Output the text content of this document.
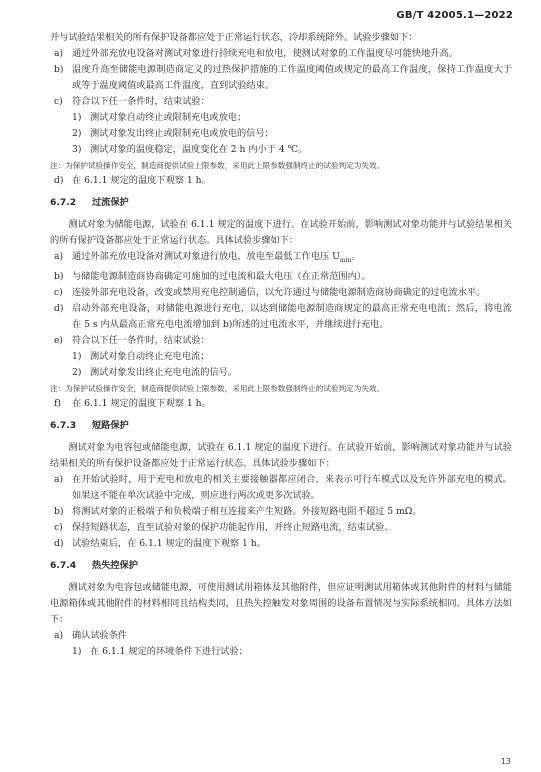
GB/T 42005.1—2022

并与试验结果相关的所有保护设备都应处于正常运行状态，冷却系统除外。试验步骤如下：

a) 通过外部充放电设备对测试对象进行持续充电和放电，使测试对象的工作温度尽可能快地升高。

b) 温度升高至储能电源制造商定义的过热保护措施的工作温度阈值或规定的最高工作温度，保持工作温度大于或等于温度阈值或最高工作温度，直到试验结束。

c)	符合以下任一条件时，结束试验：

1) 测试对象自动终止或限制充电或放电；

2) 测试对象发出终止或限制充电或放电的信号；

3) 测试对象的温度稳定，温度变化在 2 h 内小于 4 ℃。

注：为保护试验操作安全，制造商提供试验上限参数，采用此上限参数强制终止的试验判定为失效。

d) 在 6.1.1 规定的温度下观察 1 h。

6.7.2 过流保护

测试对象为储能电源，试验在 6.1.1 规定的温度下进行。在试验开始前，影响测试对象功能并与试验结果相关的所有保护设备都应处于正常运行状态。具体试验步骤如下：

a) 通过外部充放电设备对测试对象进行放电，放电至最低工作电压 $U_{min}$。

b) 与储能电源制造商协商确定可施加的过电流和最大电压（在正常范围内）。

c)	连接外部充电设备，改变或禁用充电控制通信，以允许通过与储能电源制造商协商确定的过电流水平。

d) 启动外部充电设备，对储能电源进行充电，以达到储能电源制造商规定的最高正常充电电流；然后，将电流在 5 s 内从最高正常充电电流增加到 b)所述的过电流水平，并继续进行充电。

e) 符合以下任一条件时，结束试验：

1) 测试对象自动终止充电电流；

2) 测试对象发出终止充电电流的信号。

注：为保护试验操作安全，制造商提供试验上限参数，采用此上限参数强制终止的试验判定为失效。

f)	在 6.1.1 规定的温度下观察 1 h。

6.7.3 短路保护

测试对象为电容包或储能电源，试验在 6.1.1 规定的温度下进行。在试验开始前，影响测试对象功能并与试验结果相关的所有保护设备都应处于正常运行状态。具体试验步骤如下：

a) 在开始试验时，用于充电和放电的相关主要接触器都应闭合，来表示可行车模式以及允许外部充电的模式。如果这不能在单次试验中完成，则应进行两次或更多次试验。

b) 将测试对象的正极端子和负极端子相互连接来产生短路。外接短路电阻不超过 5 mΩ。

c)	保持短路状态，直至试验对象的保护功能起作用，并终止短路电流，结束试验。

d) 试验结束后，在 6.1.1 规定的温度下观察 1 h。

6.7.4 热失控保护

测试对象为电容包或储能电源，可使用测试用箱体及其他附件，但应证明测试用箱体或其他附件的材料与储能电源箱体或其他附件的材料相同且结构类同，且热失控触发对象周围的设备布置情况与实际系统相同。具体方法如下：

a) 确认试验条件

1) 在 6.1.1 规定的环境条件下进行试验；

13
